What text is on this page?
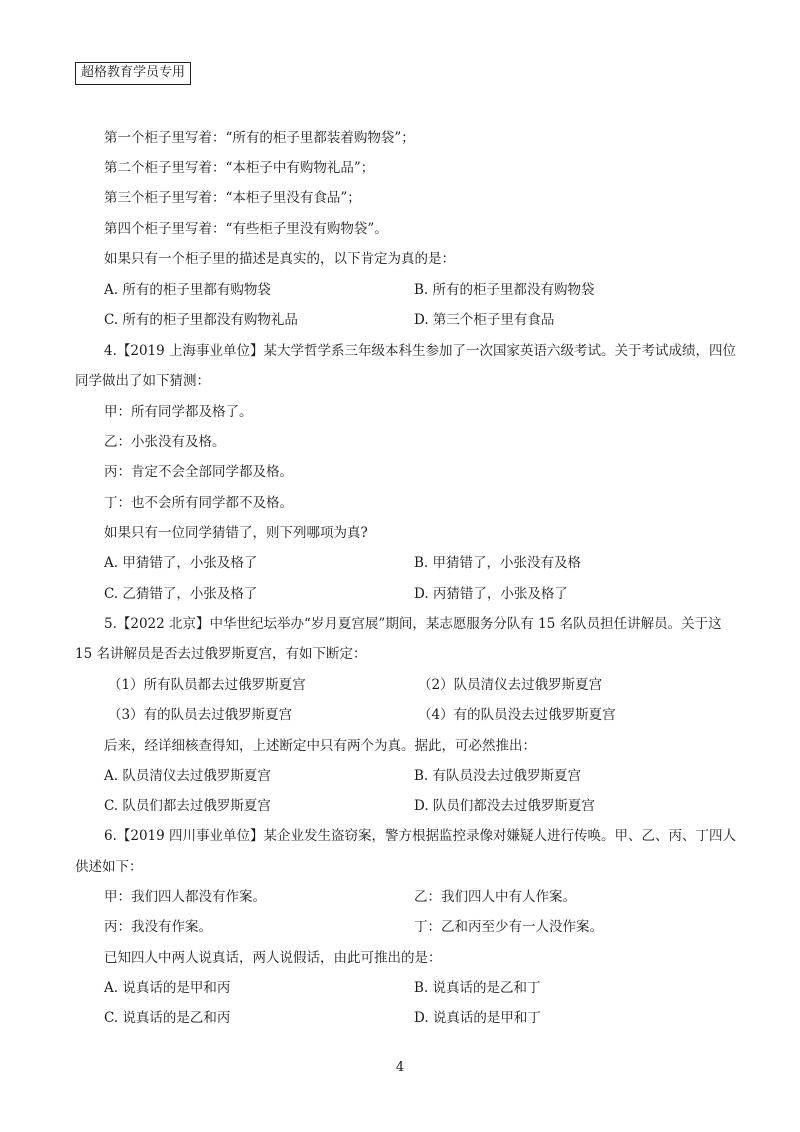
超格教育学员专用
第一个柜子里写着：“所有的柜子里都装着购物袋”；
第二个柜子里写着：“本柜子中有购物礼品”；
第三个柜子里写着：“本柜子里没有食品”；
第四个柜子里写着：“有些柜子里没有购物袋”。
如果只有一个柜子里的描述是真实的，以下肯定为真的是：
A. 所有的柜子里都有购物袋	B. 所有的柜子里都没有购物袋
C. 所有的柜子里都没有购物礼品	D. 第三个柜子里有食品
4.【2019 上海事业单位】某大学哲学系三年级本科生参加了一次国家英语六级考试。关于考试成绩，四位
同学做出了如下猜测：
甲：所有同学都及格了。
乙：小张没有及格。
丙：肯定不会全部同学都及格。
丁：也不会所有同学都不及格。
如果只有一位同学猜错了，则下列哪项为真?
A. 甲猜错了，小张及格了	B. 甲猜错了，小张没有及格
C. 乙猜错了，小张及格了	D. 丙猜错了，小张及格了
5.【2022 北京】中华世纪坛举办“岁月夏宫展”期间，某志愿服务分队有 15 名队员担任讲解员。关于这
15 名讲解员是否去过俄罗斯夏宫，有如下断定：
（1）所有队员都去过俄罗斯夏宫	（2）队员清仪去过俄罗斯夏宫
（3）有的队员去过俄罗斯夏宫	（4）有的队员没去过俄罗斯夏宫
后来，经详细核查得知，上述断定中只有两个为真。据此，可必然推出：
A. 队员清仪去过俄罗斯夏宫	B. 有队员没去过俄罗斯夏宫
C. 队员们都去过俄罗斯夏宫	D. 队员们都没去过俄罗斯夏宫
6.【2019 四川事业单位】某企业发生盗窃案，警方根据监控录像对嫌疑人进行传唤。甲、乙、丙、丁四人
供述如下：
甲：我们四人都没有作案。	乙：我们四人中有人作案。
丙：我没有作案。	丁：乙和丙至少有一人没作案。
已知四人中两人说真话，两人说假话，由此可推出的是：
A. 说真话的是甲和丙	B. 说真话的是乙和丁
C. 说真话的是乙和丙	D. 说真话的是甲和丁
4
